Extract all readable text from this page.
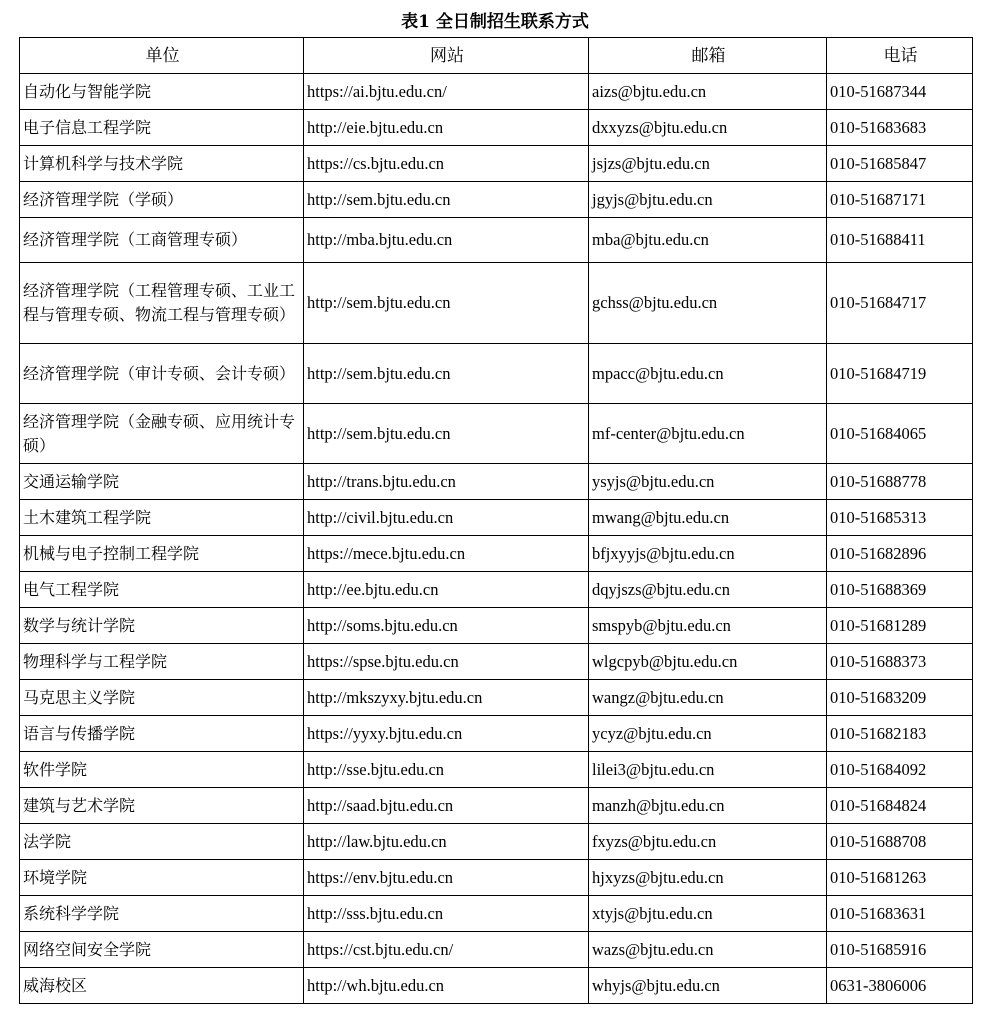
表1 全日制招生联系方式
单位	网站	邮箱	电话
自动化与智能学院	https://ai.bjtu.edu.cn/	aizs@bjtu.edu.cn	010-51687344
电子信息工程学院	http://eie.bjtu.edu.cn	dxxyzs@bjtu.edu.cn	010-51683683
计算机科学与技术学院	https://cs.bjtu.edu.cn	jsjzs@bjtu.edu.cn	010-51685847
经济管理学院（学硕）	http://sem.bjtu.edu.cn	jgyjs@bjtu.edu.cn	010-51687171
经济管理学院（工商管理专硕）	http://mba.bjtu.edu.cn	mba@bjtu.edu.cn	010-51688411
经济管理学院（工程管理专硕、工业工程与管理专硕、物流工程与管理专硕）	http://sem.bjtu.edu.cn	gchss@bjtu.edu.cn	010-51684717
经济管理学院（审计专硕、会计专硕）	http://sem.bjtu.edu.cn	mpacc@bjtu.edu.cn	010-51684719
经济管理学院（金融专硕、应用统计专硕）	http://sem.bjtu.edu.cn	mf-center@bjtu.edu.cn	010-51684065
交通运输学院	http://trans.bjtu.edu.cn	ysyjs@bjtu.edu.cn	010-51688778
土木建筑工程学院	http://civil.bjtu.edu.cn	mwang@bjtu.edu.cn	010-51685313
机械与电子控制工程学院	https://mece.bjtu.edu.cn	bfjxyyjs@bjtu.edu.cn	010-51682896
电气工程学院	http://ee.bjtu.edu.cn	dqyjszs@bjtu.edu.cn	010-51688369
数学与统计学院	http://soms.bjtu.edu.cn	smspyb@bjtu.edu.cn	010-51681289
物理科学与工程学院	https://spse.bjtu.edu.cn	wlgcpyb@bjtu.edu.cn	010-51688373
马克思主义学院	http://mkszyxy.bjtu.edu.cn	wangz@bjtu.edu.cn	010-51683209
语言与传播学院	https://yyxy.bjtu.edu.cn	ycyz@bjtu.edu.cn	010-51682183
软件学院	http://sse.bjtu.edu.cn	lilei3@bjtu.edu.cn	010-51684092
建筑与艺术学院	http://saad.bjtu.edu.cn	manzh@bjtu.edu.cn	010-51684824
法学院	http://law.bjtu.edu.cn	fxyzs@bjtu.edu.cn	010-51688708
环境学院	https://env.bjtu.edu.cn	hjxyzs@bjtu.edu.cn	010-51681263
系统科学学院	http://sss.bjtu.edu.cn	xtyjs@bjtu.edu.cn	010-51683631
网络空间安全学院	https://cst.bjtu.edu.cn/	wazs@bjtu.edu.cn	010-51685916
威海校区	http://wh.bjtu.edu.cn	whyjs@bjtu.edu.cn	0631-3806006
